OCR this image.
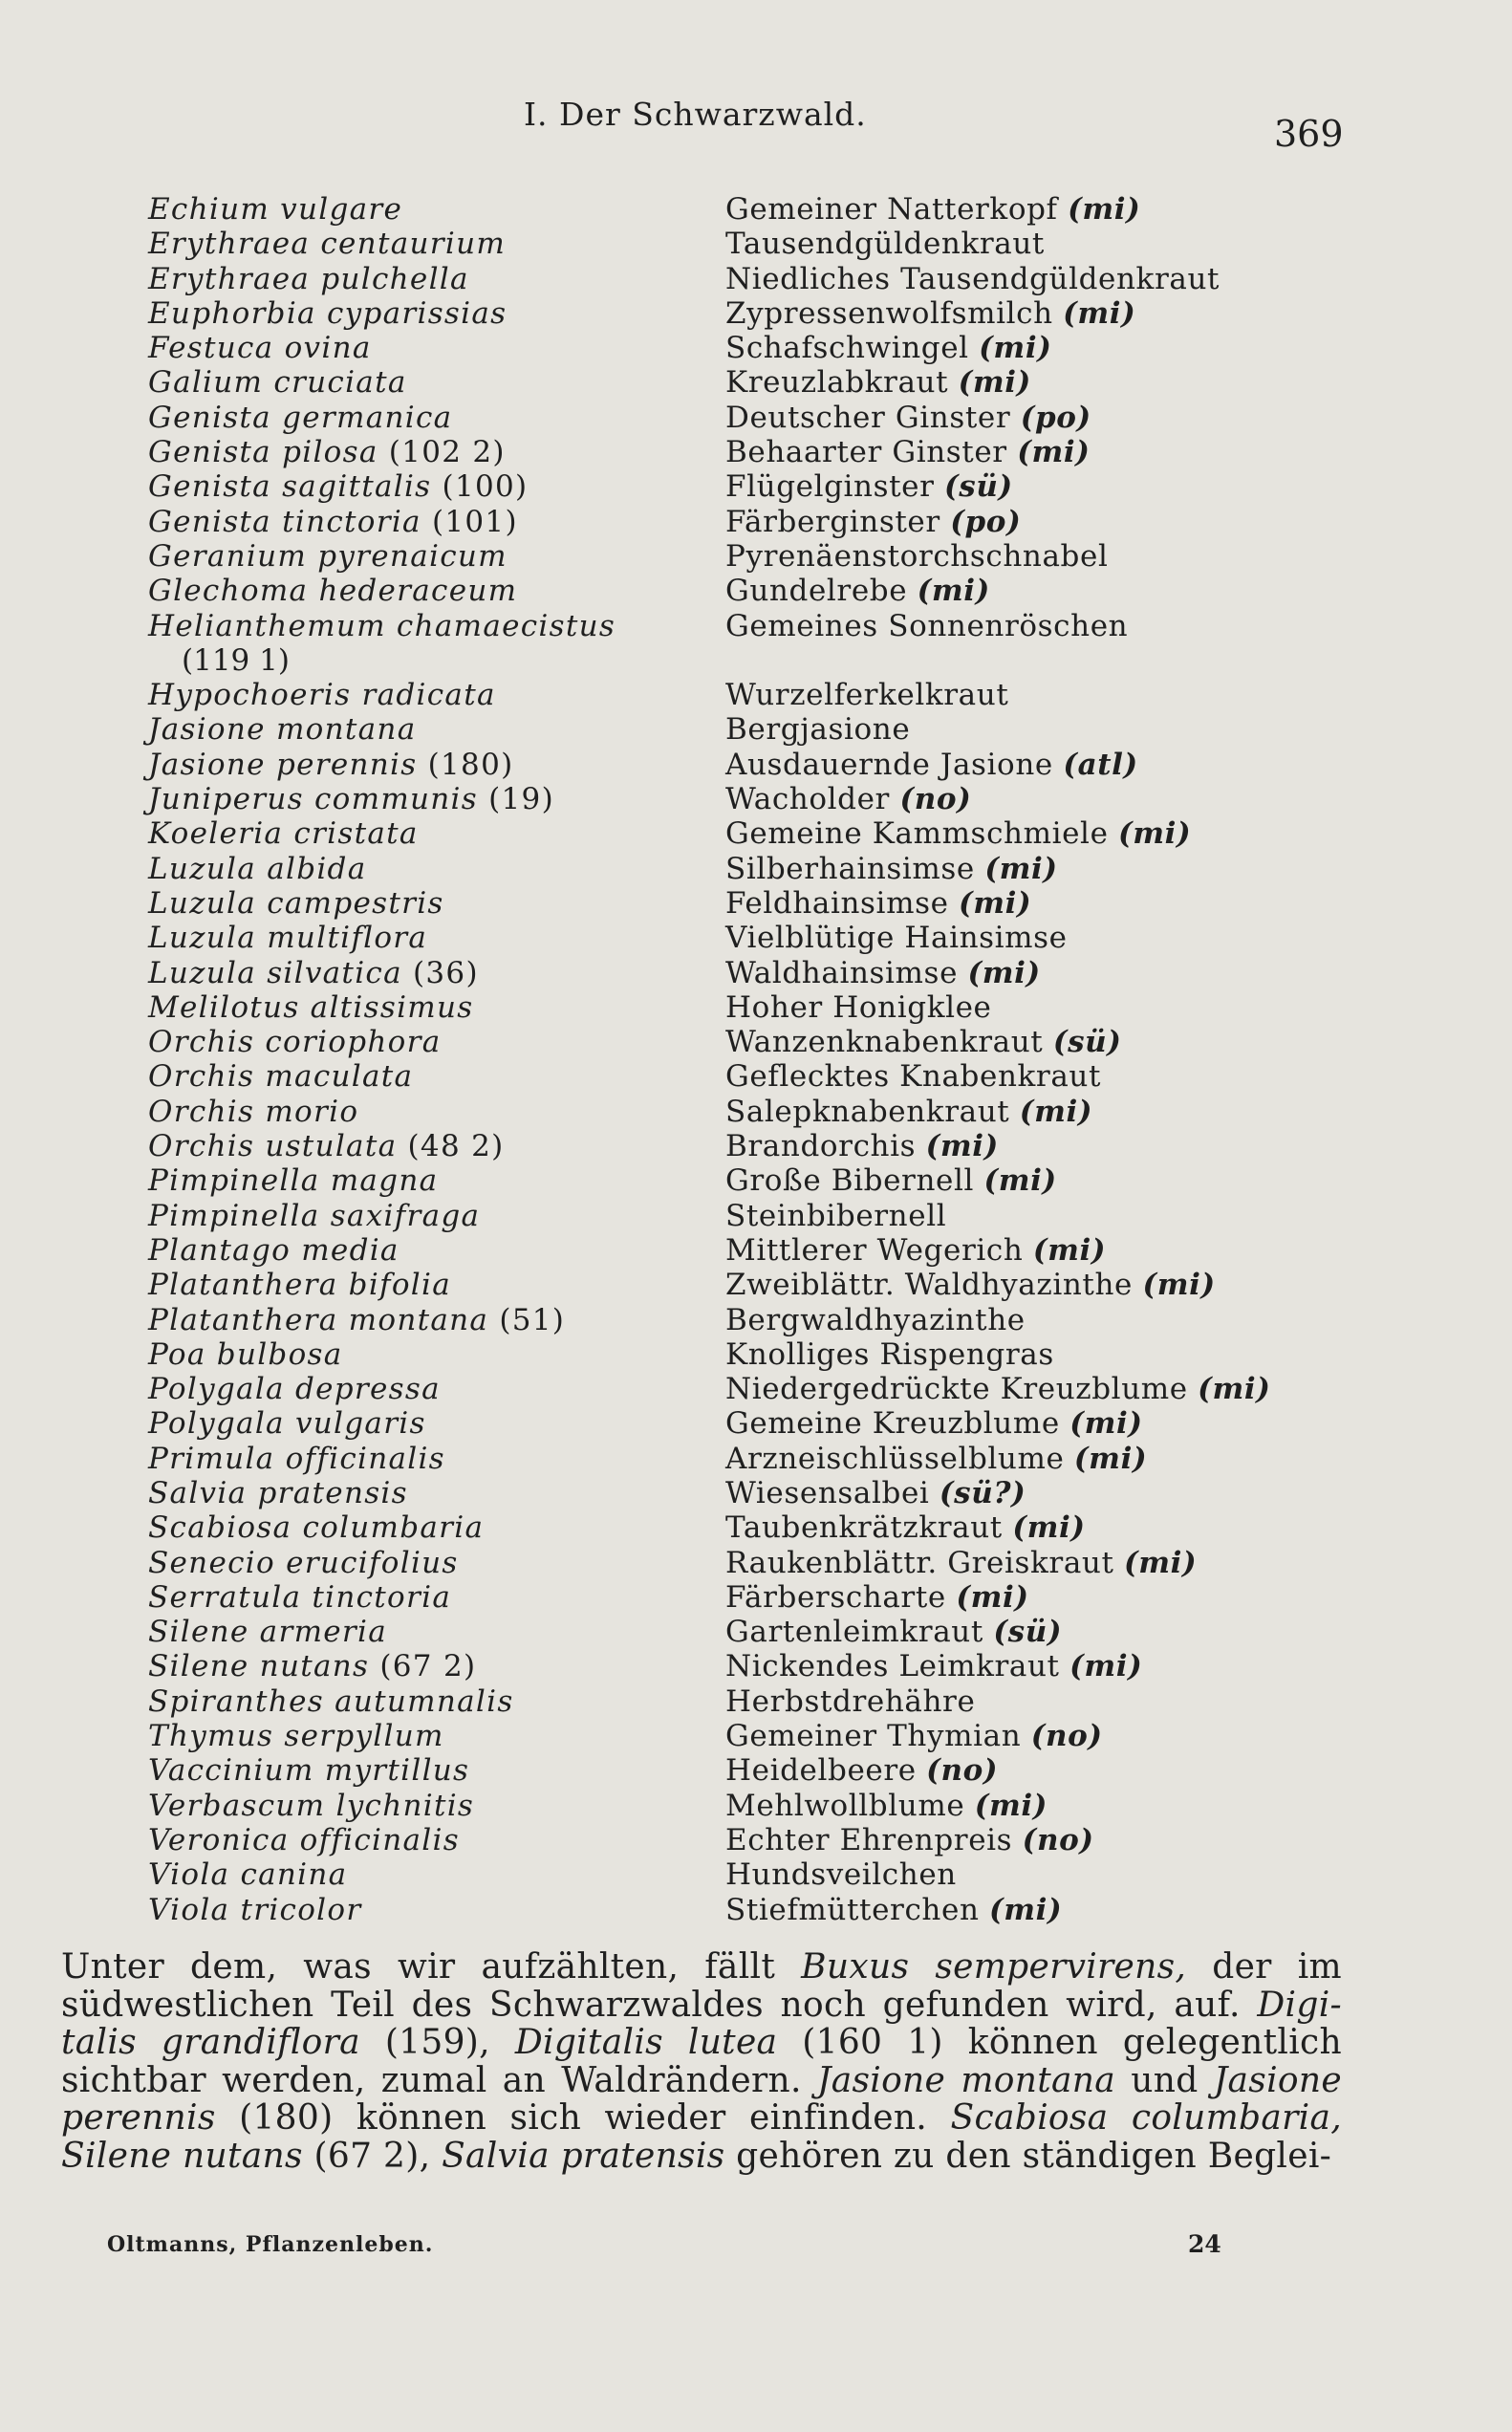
I. Der Schwarzwald.	369
Echium vulgare	Gemeiner Natterkopf (mi)
Erythraea centaurium	Tausendgüldenkraut
Erythraea pulchella	Niedliches Tausendgüldenkraut
Euphorbia cyparissias	Zypressenwolfsmilch (mi)
Festuca ovina	Schafschwingel (mi)
Galium cruciata	Kreuzlabkraut (mi)
Genista germanica	Deutscher Ginster (po)
Genista pilosa (102 2)	Behaarter Ginster (mi)
Genista sagittalis (100)	Flügelginster (sü)
Genista tinctoria (101)	Färberginster (po)
Geranium pyrenaicum	Pyrenäenstorchschnabel
Glechoma hederaceum	Gundelrebe (mi)
Helianthemum chamaecistus	Gemeines Sonnenröschen
(119 1)
Hypochoeris radicata	Wurzelferkelkraut
Jasione montana	Bergjasione
Jasione perennis (180)	Ausdauernde Jasione (atl)
Juniperus communis (19)	Wacholder (no)
Koeleria cristata	Gemeine Kammschmiele (mi)
Luzula albida	Silberhainsimse (mi)
Luzula campestris	Feldhainsimse (mi)
Luzula multiflora	Vielblütige Hainsimse
Luzula silvatica (36)	Waldhainsimse (mi)
Melilotus altissimus	Hoher Honigklee
Orchis coriophora	Wanzenknabenkraut (sü)
Orchis maculata	Geflecktes Knabenkraut
Orchis morio	Salepknabenkraut (mi)
Orchis ustulata (48 2)	Brandorchis (mi)
Pimpinella magna	Große Bibernell (mi)
Pimpinella saxifraga	Steinbibernell
Plantago media	Mittlerer Wegerich (mi)
Platanthera bifolia	Zweiblättr. Waldhyazinthe (mi)
Platanthera montana (51)	Bergwaldhyazinthe
Poa bulbosa	Knolliges Rispengras
Polygala depressa	Niedergedrückte Kreuzblume (mi)
Polygala vulgaris	Gemeine Kreuzblume (mi)
Primula officinalis	Arzneischlüsselblume (mi)
Salvia pratensis	Wiesensalbei (sü?)
Scabiosa columbaria	Taubenkrätzkraut (mi)
Senecio erucifolius	Raukenblättr. Greiskraut (mi)
Serratula tinctoria	Färberscharte (mi)
Silene armeria	Gartenleimkraut (sü)
Silene nutans (67 2)	Nickendes Leimkraut (mi)
Spiranthes autumnalis	Herbstdrehähre
Thymus serpyllum	Gemeiner Thymian (no)
Vaccinium myrtillus	Heidelbeere (no)
Verbascum lychnitis	Mehlwollblume (mi)
Veronica officinalis	Echter Ehrenpreis (no)
Viola canina	Hundsveilchen
Viola tricolor	Stiefmütterchen (mi)
Unter dem, was wir aufzählten, fällt Buxus sempervirens, der im
südwestlichen Teil des Schwarzwaldes noch gefunden wird, auf. Digi-
talis grandiflora (159), Digitalis lutea (160 1) können gelegentlich
sichtbar werden, zumal an Waldrändern. Jasione montana und Jasione
perennis (180) können sich wieder einfinden. Scabiosa columbaria,
Silene nutans (67 2), Salvia pratensis gehören zu den ständigen Beglei-
Oltmanns, Pflanzenleben.	24
